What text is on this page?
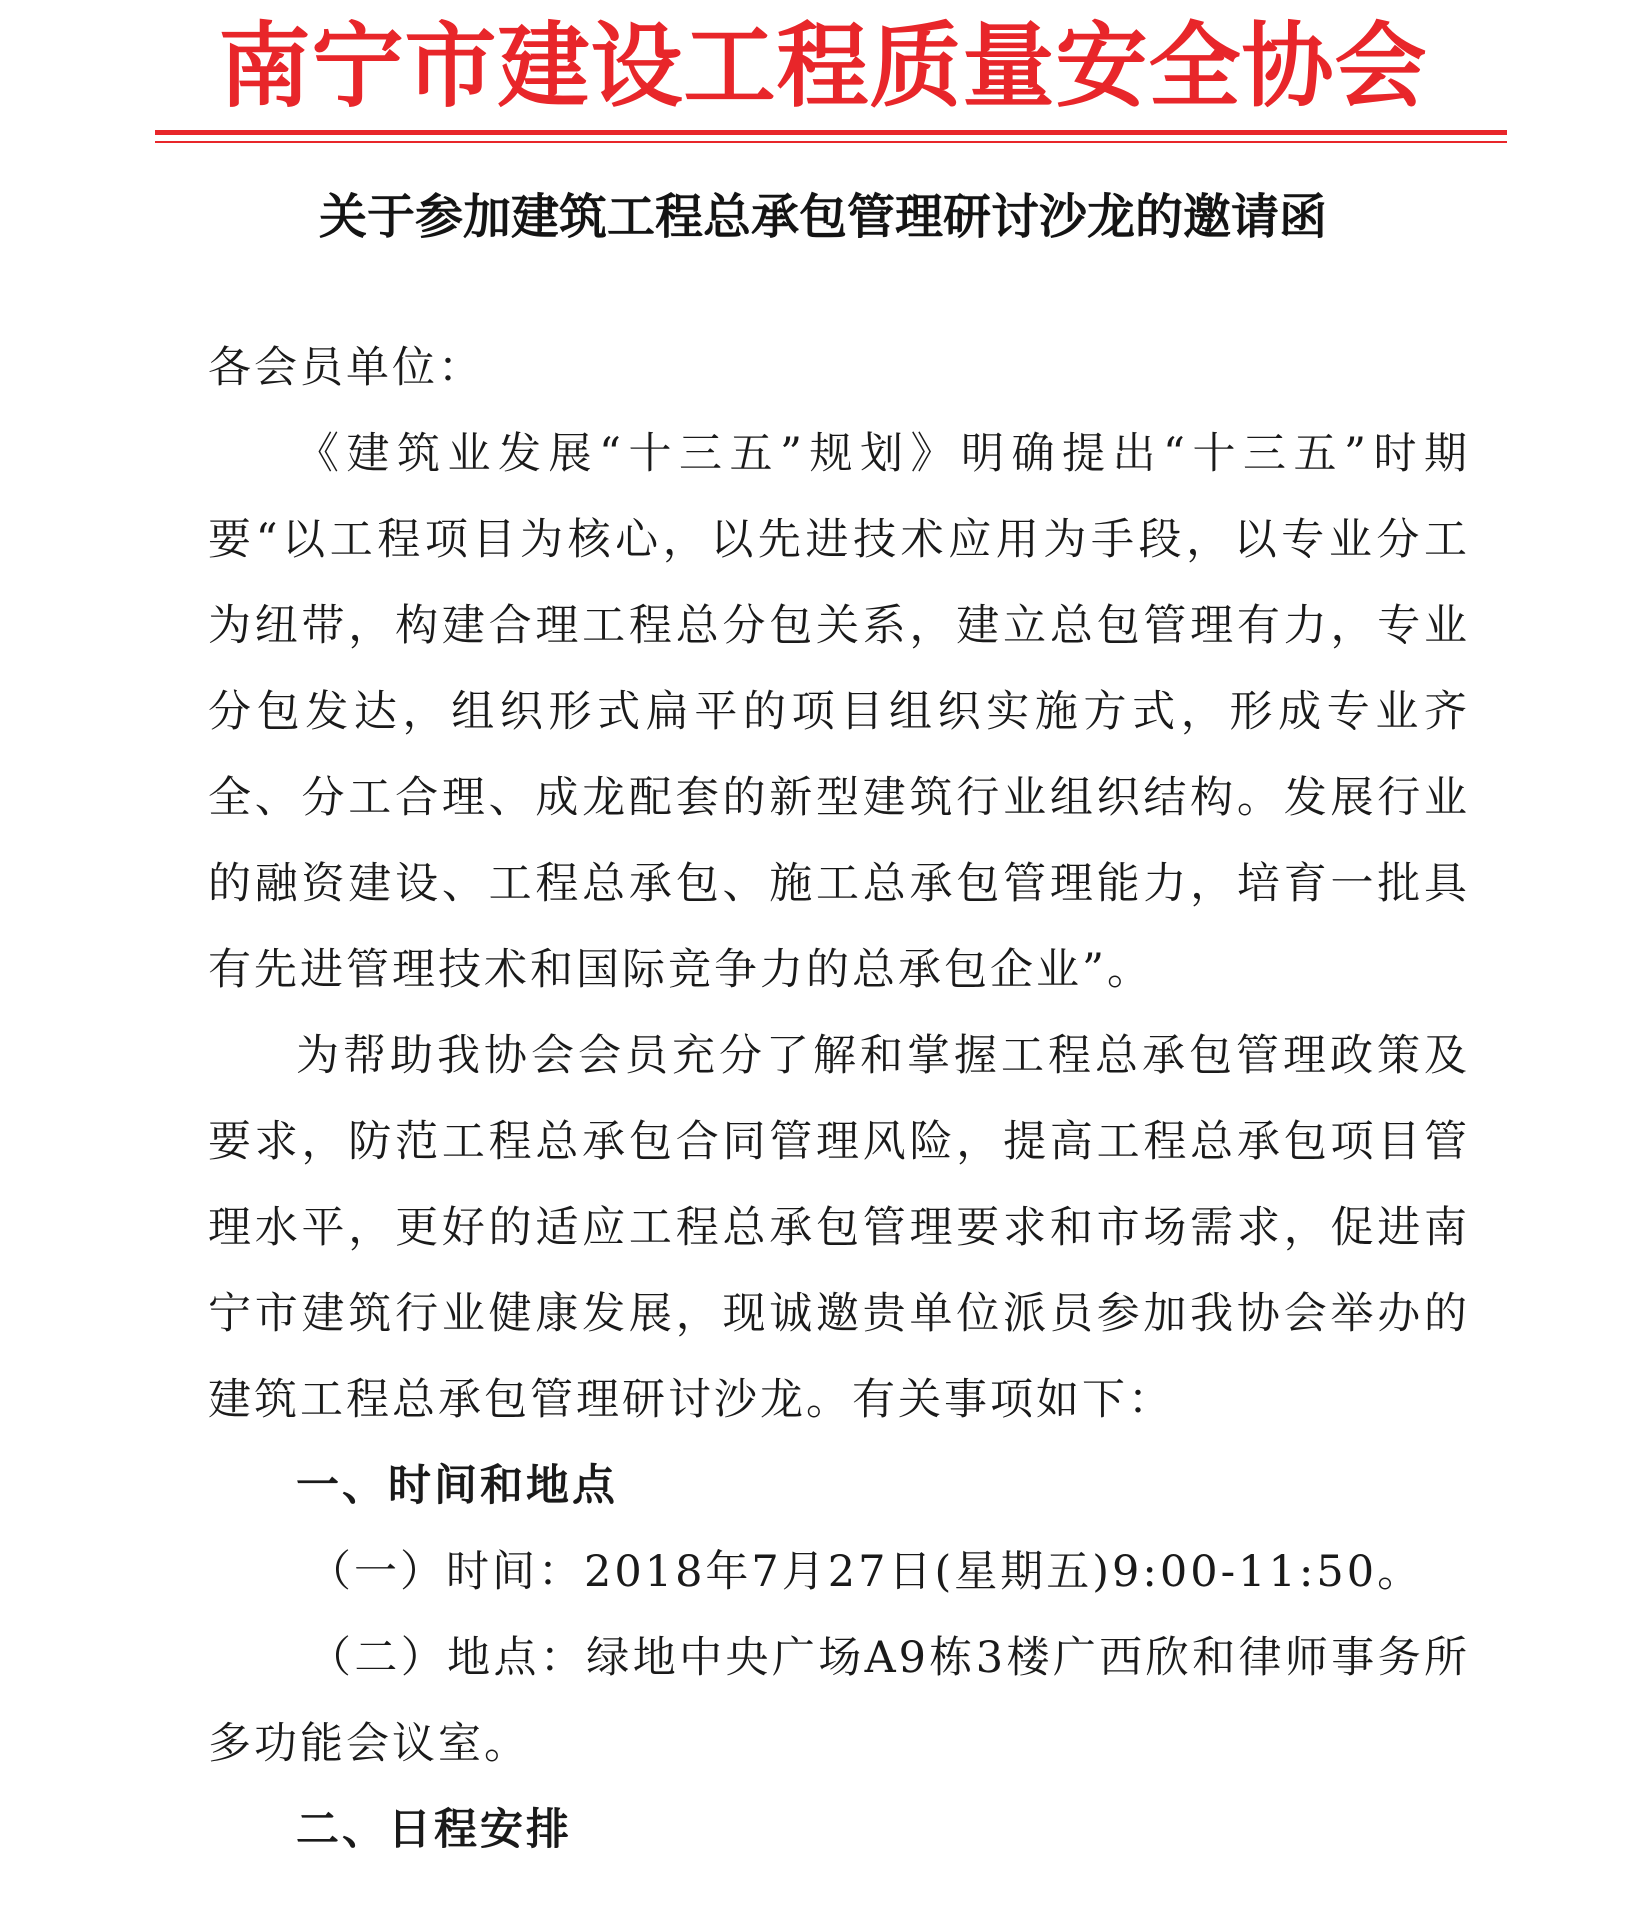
南宁市建设工程质量安全协会
关于参加建筑工程总承包管理研讨沙龙的邀请函

各会员单位：

《建筑业发展“十三五”规划》明确提出“十三五”时期要“以工程项目为核心，以先进技术应用为手段，以专业分工为纽带，构建合理工程总分包关系，建立总包管理有力，专业分包发达，组织形式扁平的项目组织实施方式，形成专业齐全、分工合理、成龙配套的新型建筑行业组织结构。发展行业的融资建设、工程总承包、施工总承包管理能力，培育一批具有先进管理技术和国际竞争力的总承包企业”。

为帮助我协会会员充分了解和掌握工程总承包管理政策及要求，防范工程总承包合同管理风险，提高工程总承包项目管理水平，更好的适应工程总承包管理要求和市场需求，促进南宁市建筑行业健康发展，现诚邀贵单位派员参加我协会举办的建筑工程总承包管理研讨沙龙。有关事项如下：

一、时间和地点

（一）时间：2018年7月27日(星期五)9:00-11:50。

（二）地点：绿地中央广场A9栋3楼广西欣和律师事务所多功能会议室。

二、日程安排
